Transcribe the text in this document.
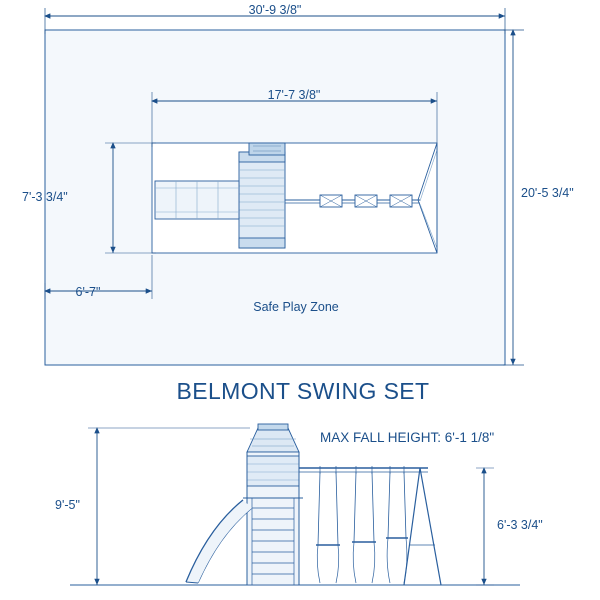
30'-9 3/8"
20'-5 3/4"
17'-7 3/8"
7'-3 3/4"
6'-7"
Safe Play Zone
BELMONT SWING SET
MAX FALL HEIGHT: 6'-1 1/8"
9'-5"
6'-3 3/4"
